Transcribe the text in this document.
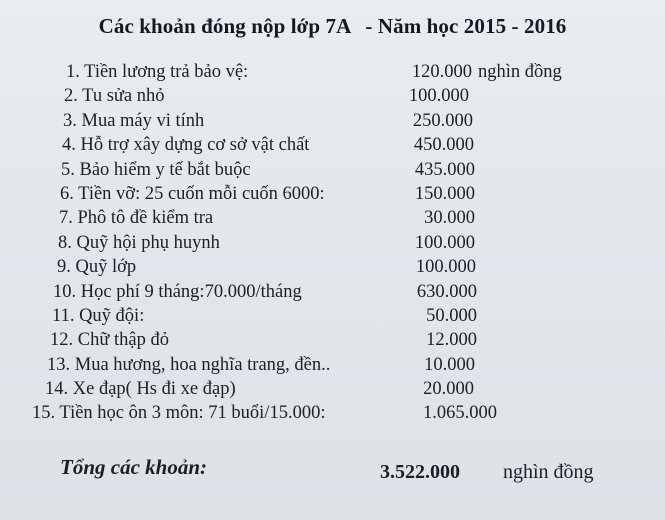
Các khoản đóng nộp lớp 7A - Năm học 2015 - 2016
1. Tiền lương trả bảo vệ:	120.000 nghìn đồng
2. Tu sửa nhỏ	100.000
3. Mua máy vi tính	250.000
4. Hỗ trợ xây dựng cơ sở vật chất	450.000
5. Bảo hiểm y tế bắt buộc	435.000
6. Tiền vỡ: 25 cuốn mỗi cuốn 6000:	150.000
7. Phô tô đề kiểm tra	30.000
8. Quỹ hội phụ huynh	100.000
9. Quỹ lớp	100.000
10. Học phí 9 tháng:70.000/tháng	630.000
11. Quỹ đội:	50.000
12. Chữ thập đỏ	12.000
13. Mua hương, hoa nghĩa trang, đền..	10.000
14. Xe đạp( Hs đi xe đạp)	20.000
15. Tiền học ôn 3 môn: 71 buổi/15.000:	1.065.000
Tổng các khoản:	3.522.000 nghìn đồng
